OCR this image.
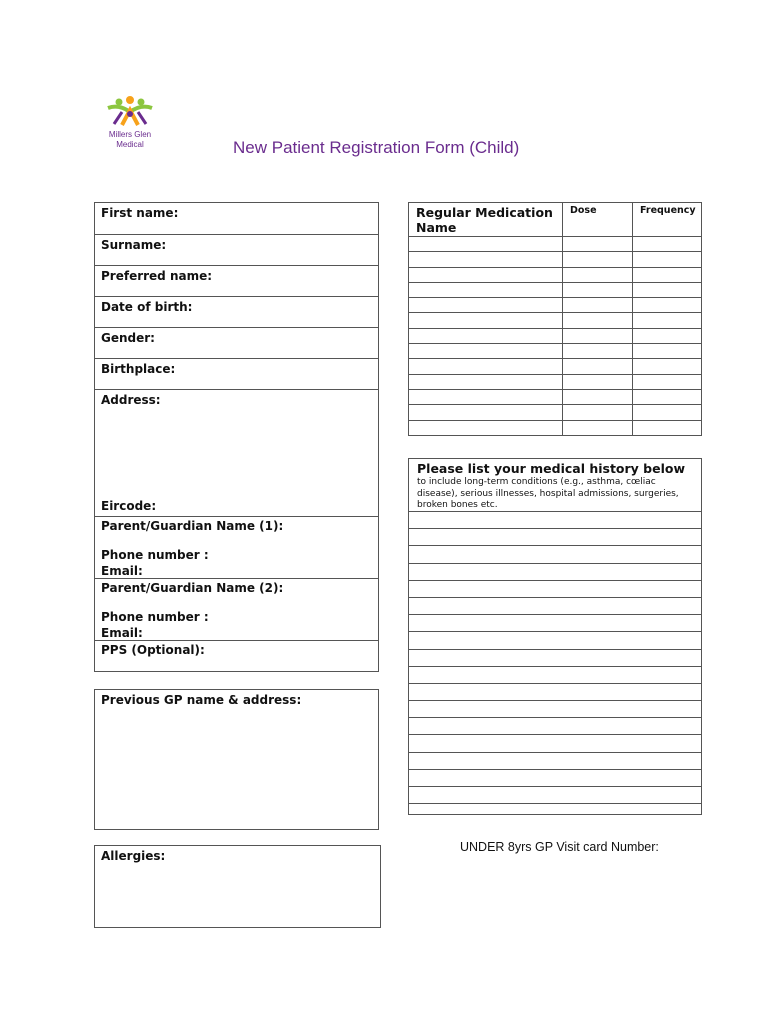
Millers Glen
Medical	New Patient Registration Form (Child)
First name:

Surname:

Preferred name:

Date of birth:

Gender:

Birthplace:

Address:
Eircode:

Parent/Guardian Name (1):
Phone number :
Email:

Parent/Guardian Name (2):
Phone number :
Email:

PPS (Optional):
Previous GP name & address:
Allergies:
Regular Medication Name	Dose	Frequency

Please list your medical history below
to include long-term conditions (e.g., asthma, cœliac disease), serious illnesses, hospital admissions, surgeries, broken bones etc.
UNDER 8yrs GP Visit card Number:
